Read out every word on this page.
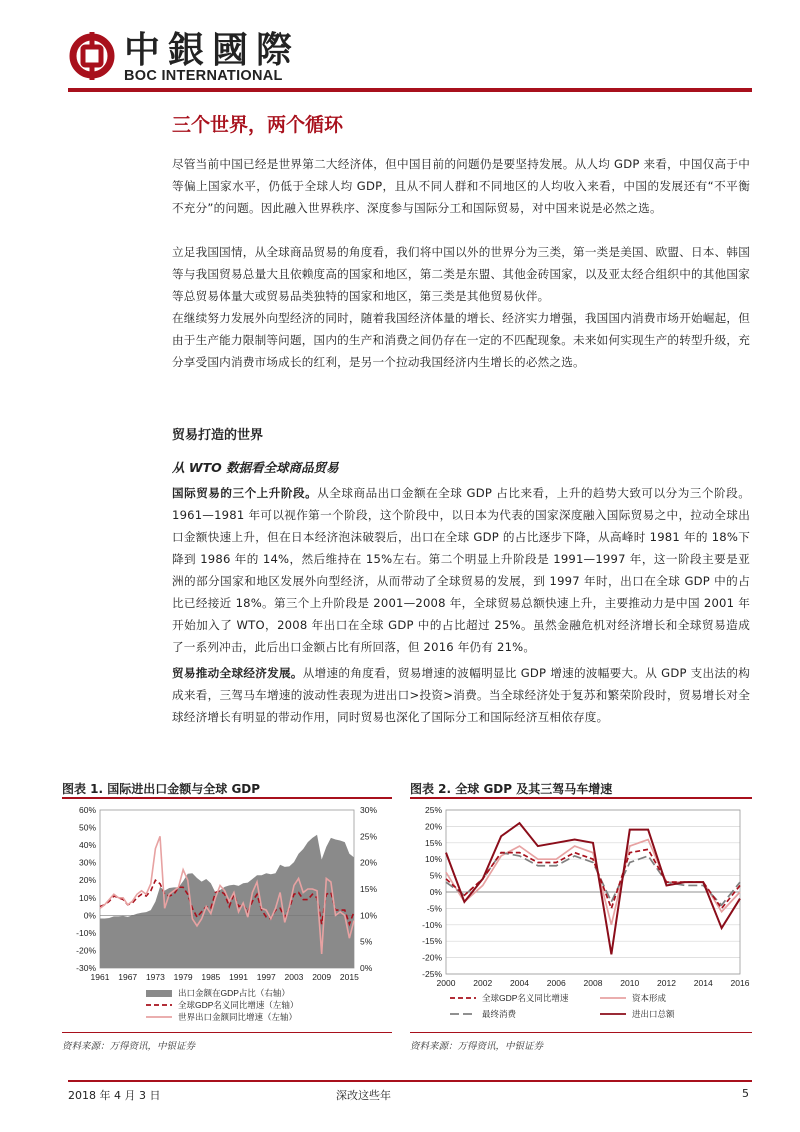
中銀國際
BOC INTERNATIONAL
三个世界，两个循环

尽管当前中国已经是世界第二大经济体，但中国目前的问题仍是要坚持发展。从人均 GDP 来看，中国仅高于中等偏上国家水平，仍低于全球人均 GDP，且从不同人群和不同地区的人均收入来看，中国的发展还有“不平衡不充分”的问题。因此融入世界秩序、深度参与国际分工和国际贸易，对中国来说是必然之选。

立足我国国情，从全球商品贸易的角度看，我们将中国以外的世界分为三类，第一类是美国、欧盟、日本、韩国等与我国贸易总量大且依赖度高的国家和地区，第二类是东盟、其他金砖国家，以及亚太经合组织中的其他国家等总贸易体量大或贸易品类独特的国家和地区，第三类是其他贸易伙伴。

在继续努力发展外向型经济的同时，随着我国经济体量的增长、经济实力增强，我国国内消费市场开始崛起，但由于生产能力限制等问题，国内的生产和消费之间仍存在一定的不匹配现象。未来如何实现生产的转型升级，充分享受国内消费市场成长的红利，是另一个拉动我国经济内生增长的必然之选。

贸易打造的世界
从 WTO 数据看全球商品贸易

国际贸易的三个上升阶段。从全球商品出口金额在全球 GDP 占比来看，上升的趋势大致可以分为三个阶段。1961—1981 年可以视作第一个阶段，这个阶段中，以日本为代表的国家深度融入国际贸易之中，拉动全球出口金额快速上升，但在日本经济泡沫破裂后，出口在全球 GDP 的占比逐步下降，从高峰时 1981 年的 18%下降到 1986 年的 14%，然后维持在 15%左右。第二个明显上升阶段是 1991—1997 年，这一阶段主要是亚洲的部分国家和地区发展外向型经济，从而带动了全球贸易的发展，到 1997 年时，出口在全球 GDP 中的占比已经接近 18%。第三个上升阶段是 2001—2008 年，全球贸易总额快速上升，主要推动力是中国 2001 年开始加入了 WTO，2008 年出口在全球 GDP 中的占比超过 25%。虽然金融危机对经济增长和全球贸易造成了一系列冲击，此后出口金额占比有所回落，但 2016 年仍有 21%。

贸易推动全球经济发展。从增速的角度看，贸易增速的波幅明显比 GDP 增速的波幅要大。从 GDP 支出法的构成来看，三驾马车增速的波动性表现为进出口>投资>消费。当全球经济处于复苏和繁荣阶段时，贸易增长对全球经济增长有明显的带动作用，同时贸易也深化了国际分工和国际经济互相依存度。

图表 1. 国际进出口金额与全球 GDP
60%
50%
40%
30%
20%
10%
0%
-10%
-20%
-30%
30%
25%
20%
15%
10%
5%
0%
1961 1967 1973 1979 1985 1991 1997 2003 2009 2015
出口金额在GDP占比（右轴）
全球GDP名义同比增速（左轴）
世界出口金额同比增速（左轴）
资料来源：万得资讯，中银证券
图表 2. 全球 GDP 及其三驾马车增速
25%
20%
15%
10%
5%
0%
-5%
-10%
-15%
-20%
-25%
2000 2002 2004 2006 2008 2010 2012 2014 2016
全球GDP名义同比增速	资本形成
最终消费	进出口总额
资料来源：万得资讯，中银证券
2018 年 4 月 3 日	深改这些年	5
